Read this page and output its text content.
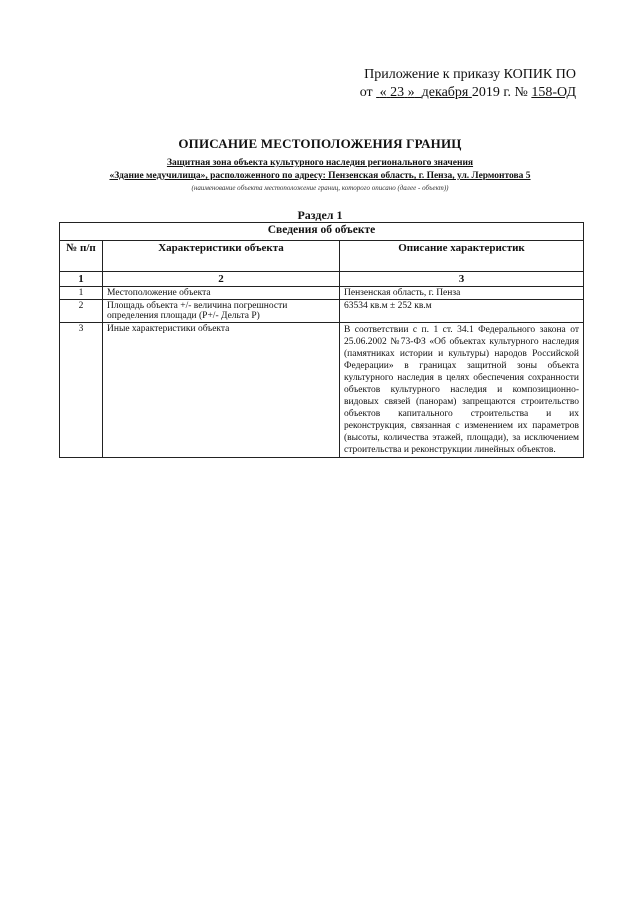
Приложение к приказу КОПИК ПО
от « 23 » декабря 2019 г. № 158-ОД
ОПИСАНИЕ МЕСТОПОЛОЖЕНИЯ ГРАНИЦ
Защитная зона объекта культурного наследия регионального значения
«Здание медучилища», расположенного по адресу: Пензенская область, г. Пенза, ул. Лермонтова 5
(наименование объекта местоположение границ, которого описано (далее - объект))
Раздел 1
Сведения об объекте		
№ п/п	Характеристики объекта	Описание характеристик
1	2	3
1	Местоположение объекта	Пензенская область, г. Пенза
2	Площадь объекта +/- величина погрешности определения площади (Р+/- Дельта Р)	63534 кв.м ± 252 кв.м
3	Иные характеристики объекта	В соответствии с п. 1 ст. 34.1 Федерального закона от 25.06.2002 №73-ФЗ «Об объектах культурного наследия (памятниках истории и культуры) народов Российской Федерации» в границах защитной зоны объекта культурного наследия в целях обеспечения сохранности объектов культурного наследия и композиционно-видовых связей (панорам) запрещаются строительство объектов капитального строительства и их реконструкция, связанная с изменением их параметров (высоты, количества этажей, площади), за исключением строительства и реконструкции линейных объектов.
